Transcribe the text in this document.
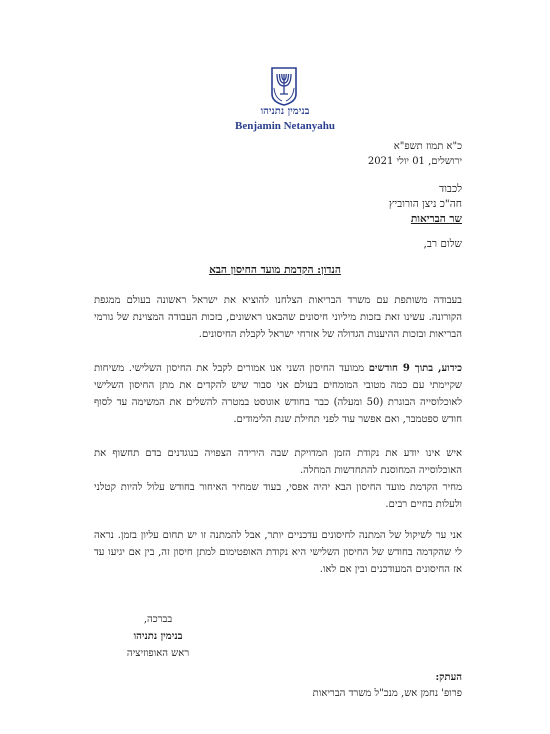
בנימין נתניהו
Benjamin Netanyahu
כ"א תמוז תשפ"א
ירושלים, 01 יולי 2021
לכבוד
חה"כ ניצן הורוביץ
שר הבריאות
שלום רב,
הנדון: הקדמת מועד החיסון הבא
בעבודה משותפת עם משרד הבריאות הצלחנו להוציא את ישראל ראשונה בעולם ממגפת הקורונה. עשינו זאת בזכות מיליוני חיסונים שהבאנו ראשונים, בזכות העבודה המצוינת של גורמי הבריאות ובזכות ההיענות הגדולה של אזרחי ישראל לקבלת החיסונים.
כידוע, בתוך 9 חודשים ממועד החיסון השני אנו אמורים לקבל את החיסון השלישי. משיחות שקיימתי עם כמה מטובי המומחים בעולם אני סבור שיש להקדים את מתן החיסון השלישי לאוכלוסייה הבוגרת (50 ומעלה) כבר בחודש אוגוסט במטרה להשלים את המשימה עד לסוף חודש ספטמבר, ואם אפשר עוד לפני תחילת שנת הלימודים.
איש אינו יודע את נקודת הזמן המדויקת שבה הירידה הצפויה בנוגדנים בדם תחשוף את האוכלוסייה המחוסנת להתחדשות המחלה.
מחיר הקדמת מועד החיסון הבא יהיה אפסי, בעוד שמחיר האיחור בחודש עלול להיות קטלני ולעלות בחיים רבים.
אני ער לשיקול של המתנה לחיסונים עדכניים יותר, אבל להמתנה זו יש תחום עליון בזמן. נראה לי שהקדמה בחודש של החיסון השלישי היא נקודת האופטימום למתן חיסון זה, בין אם יגיעו עד אז החיסונים המעודכנים ובין אם לאו.
בברכה,
בנימין נתניהו
ראש האופוזיציה
העתק:
פרופ' נחמן אש, מנכ"ל משרד הבריאות
